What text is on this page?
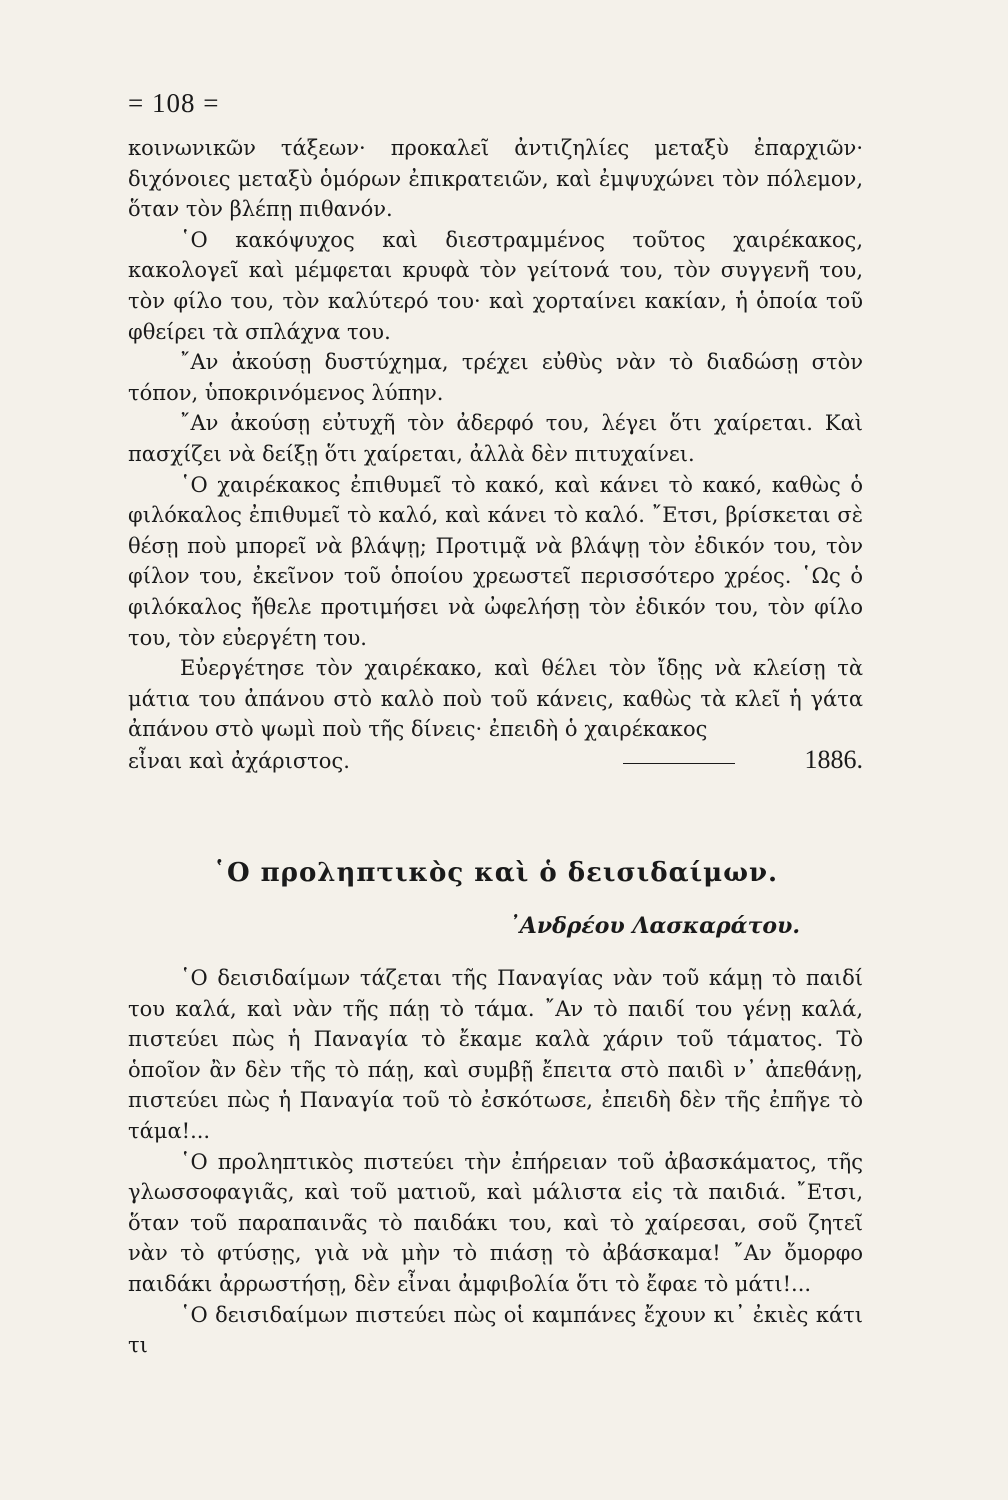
= 108 =

κοινωνικῶν τάξεων· προκαλεῖ ἀντιζηλίες μεταξὺ ἐπαρχιῶν· διχόνοιες μεταξὺ ὁμόρων ἐπικρατειῶν, καὶ ἐμψυχώνει τὸν πόλεμον, ὅταν τὸν βλέπῃ πιθανόν.

῾Ο κακόψυχος καὶ διεστραμμένος τοῦτος χαιρέκακος, κακολογεῖ καὶ μέμφεται κρυφὰ τὸν γείτονά του, τὸν συγγενῆ του, τὸν φίλο του, τὸν καλύτερό του· καὶ χορταίνει κακίαν, ἡ ὁποία τοῦ φθείρει τὰ σπλάχνα του.

῎Αν ἀκούσῃ δυστύχημα, τρέχει εὐθὺς νὰν τὸ διαδώσῃ στὸν τόπον, ὑποκρινόμενος λύπην.

῎Αν ἀκούσῃ εὐτυχῆ τὸν ἀδερφό του, λέγει ὅτι χαίρεται. Καὶ πασχίζει νὰ δείξῃ ὅτι χαίρεται, ἀλλὰ δὲν πιτυχαίνει.

῾Ο χαιρέκακος ἐπιθυμεῖ τὸ κακό, καὶ κάνει τὸ κακό, καθὼς ὁ φιλόκαλος ἐπιθυμεῖ τὸ καλό, καὶ κάνει τὸ καλό. ῎Ετσι, βρίσκεται σὲ θέσῃ ποὺ μπορεῖ νὰ βλάψῃ; Προτιμᾷ νὰ βλάψῃ τὸν ἐδικόν του, τὸν φίλον του, ἐκεῖνον τοῦ ὁποίου χρεωστεῖ περισσότερο χρέος. ῾Ως ὁ φιλόκαλος ἤθελε προτιμήσει νὰ ὠφελήσῃ τὸν ἐδικόν του, τὸν φίλο του, τὸν εὐεργέτη του.

Εὐεργέτησε τὸν χαιρέκακο, καὶ θέλει τὸν ἴδῃς νὰ κλείσῃ τὰ μάτια του ἀπάνου στὸ καλὸ ποὺ τοῦ κάνεις, καθὼς τὰ κλεῖ ἡ γάτα ἀπάνου στὸ ψωμὶ ποὺ τῆς δίνεις· ἐπειδὴ ὁ χαιρέκακος

εἶναι καὶ ἀχάριστος.	1886.
῾Ο προληπτικὸς καὶ ὁ δεισιδαίμων.
᾿Ανδρέου Λασκαράτου.

῾Ο δεισιδαίμων τάζεται τῆς Παναγίας νὰν τοῦ κάμῃ τὸ παιδί του καλά, καὶ νὰν τῆς πάῃ τὸ τάμα. ῎Αν τὸ παιδί του γένῃ καλά, πιστεύει πὼς ἡ Παναγία τὸ ἔκαμε καλὰ χάριν τοῦ τάματος. Τὸ ὁποῖον ἂν δὲν τῆς τὸ πάῃ, καὶ συμβῇ ἔπειτα στὸ παιδὶ ν᾿ ἀπεθάνῃ, πιστεύει πὼς ἡ Παναγία τοῦ τὸ ἐσκότωσε, ἐπειδὴ δὲν τῆς ἐπῆγε τὸ τάμα!...

῾Ο προληπτικὸς πιστεύει τὴν ἐπήρειαν τοῦ ἀβασκάματος, τῆς γλωσσοφαγιᾶς, καὶ τοῦ ματιοῦ, καὶ μάλιστα εἰς τὰ παιδιά. ῎Ετσι, ὅταν τοῦ παραπαινᾶς τὸ παιδάκι του, καὶ τὸ χαίρεσαι, σοῦ ζητεῖ νὰν τὸ φτύσῃς, γιὰ νὰ μὴν τὸ πιάσῃ τὸ ἀβάσκαμα! ῎Αν ὄμορφο παιδάκι ἀρρωστήσῃ, δὲν εἶναι ἀμφιβολία ὅτι τὸ ἔφαε τὸ μάτι!...

῾Ο δεισιδαίμων πιστεύει πὼς οἱ καμπάνες ἔχουν κι᾿ ἐκιὲς κάτι τι
